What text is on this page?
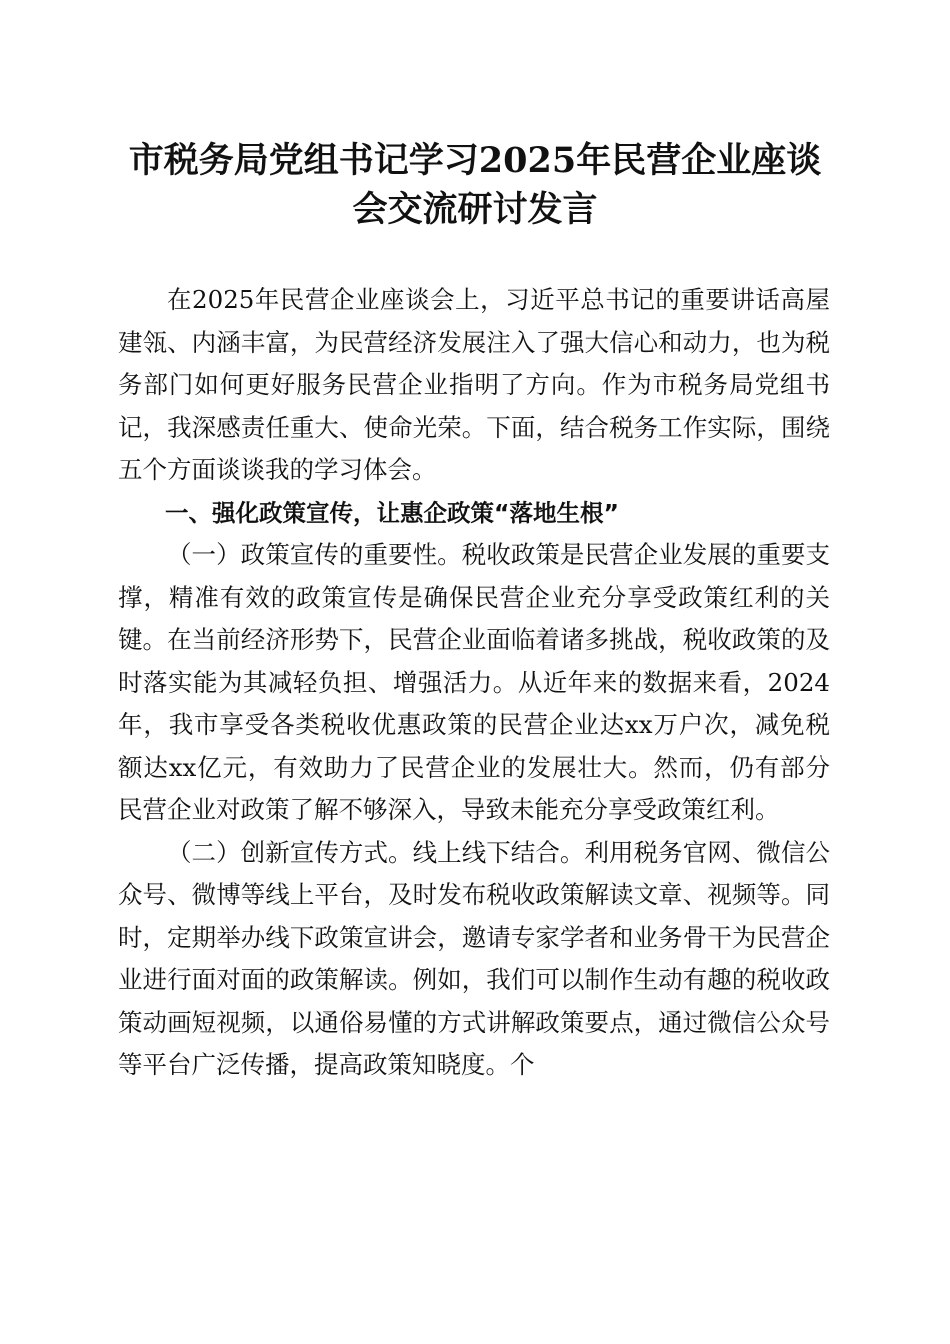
市税务局党组书记学习2025年民营企业座谈
会交流研讨发言

在2025年民营企业座谈会上，习近平总书记的重要讲话高屋建瓴、内涵丰富，为民营经济发展注入了强大信心和动力，也为税务部门如何更好服务民营企业指明了方向。作为市税务局党组书记，我深感责任重大、使命光荣。下面，结合税务工作实际，围绕五个方面谈谈我的学习体会。

一、强化政策宣传，让惠企政策“落地生根”

（一）政策宣传的重要性。税收政策是民营企业发展的重要支撑，精准有效的政策宣传是确保民营企业充分享受政策红利的关键。在当前经济形势下，民营企业面临着诸多挑战，税收政策的及时落实能为其减轻负担、增强活力。从近年来的数据来看，2024年，我市享受各类税收优惠政策的民营企业达xx万户次，减免税额达xx亿元，有效助力了民营企业的发展壮大。然而，仍有部分民营企业对政策了解不够深入，导致未能充分享受政策红利。

（二）创新宣传方式。线上线下结合。利用税务官网、微信公众号、微博等线上平台，及时发布税收政策解读文章、视频等。同时，定期举办线下政策宣讲会，邀请专家学者和业务骨干为民营企业进行面对面的政策解读。例如，我们可以制作生动有趣的税收政策动画短视频，以通俗易懂的方式讲解政策要点，通过微信公众号等平台广泛传播，提高政策知晓度。个
